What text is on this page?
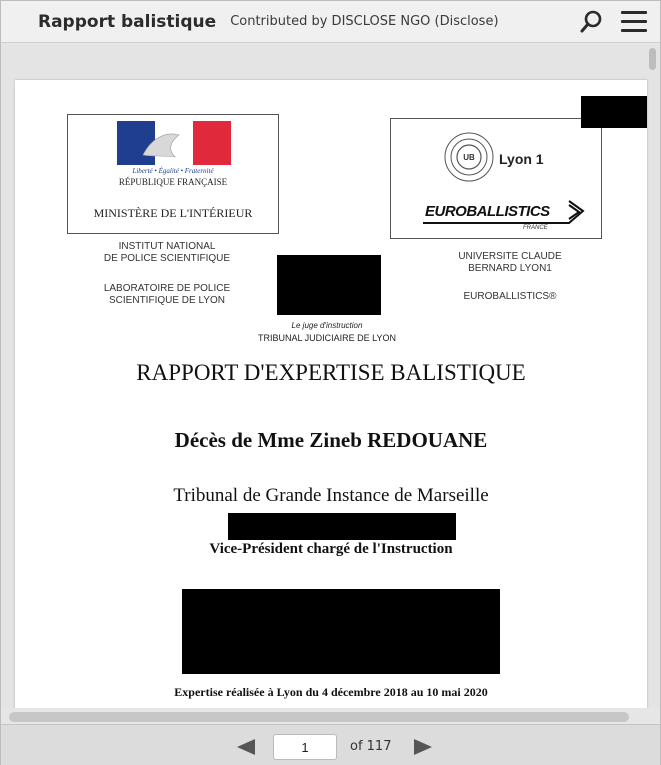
Rapport balistique Contributed by DISCLOSE NGO (Disclose)
Liberté • Égalité • Fraternité
RÉPUBLIQUE FRANÇAISE
MINISTÈRE DE L'INTÉRIEUR
UB Lyon 1
EUROBALLISTICS
FRANCE
INSTITUT NATIONAL
DE POLICE SCIENTIFIQUE
LABORATOIRE DE POLICE
SCIENTIFIQUE DE LYON
UNIVERSITE CLAUDE
BERNARD LYON1
EUROBALLISTICS®
Le juge d'instruction
TRIBUNAL JUDICIAIRE DE LYON
RAPPORT D'EXPERTISE BALISTIQUE
Décès de Mme Zineb REDOUANE
Tribunal de Grande Instance de Marseille
Vice-Président chargé de l'Instruction
Expertise réalisée à Lyon du 4 décembre 2018 au 10 mai 2020
1
of 117
